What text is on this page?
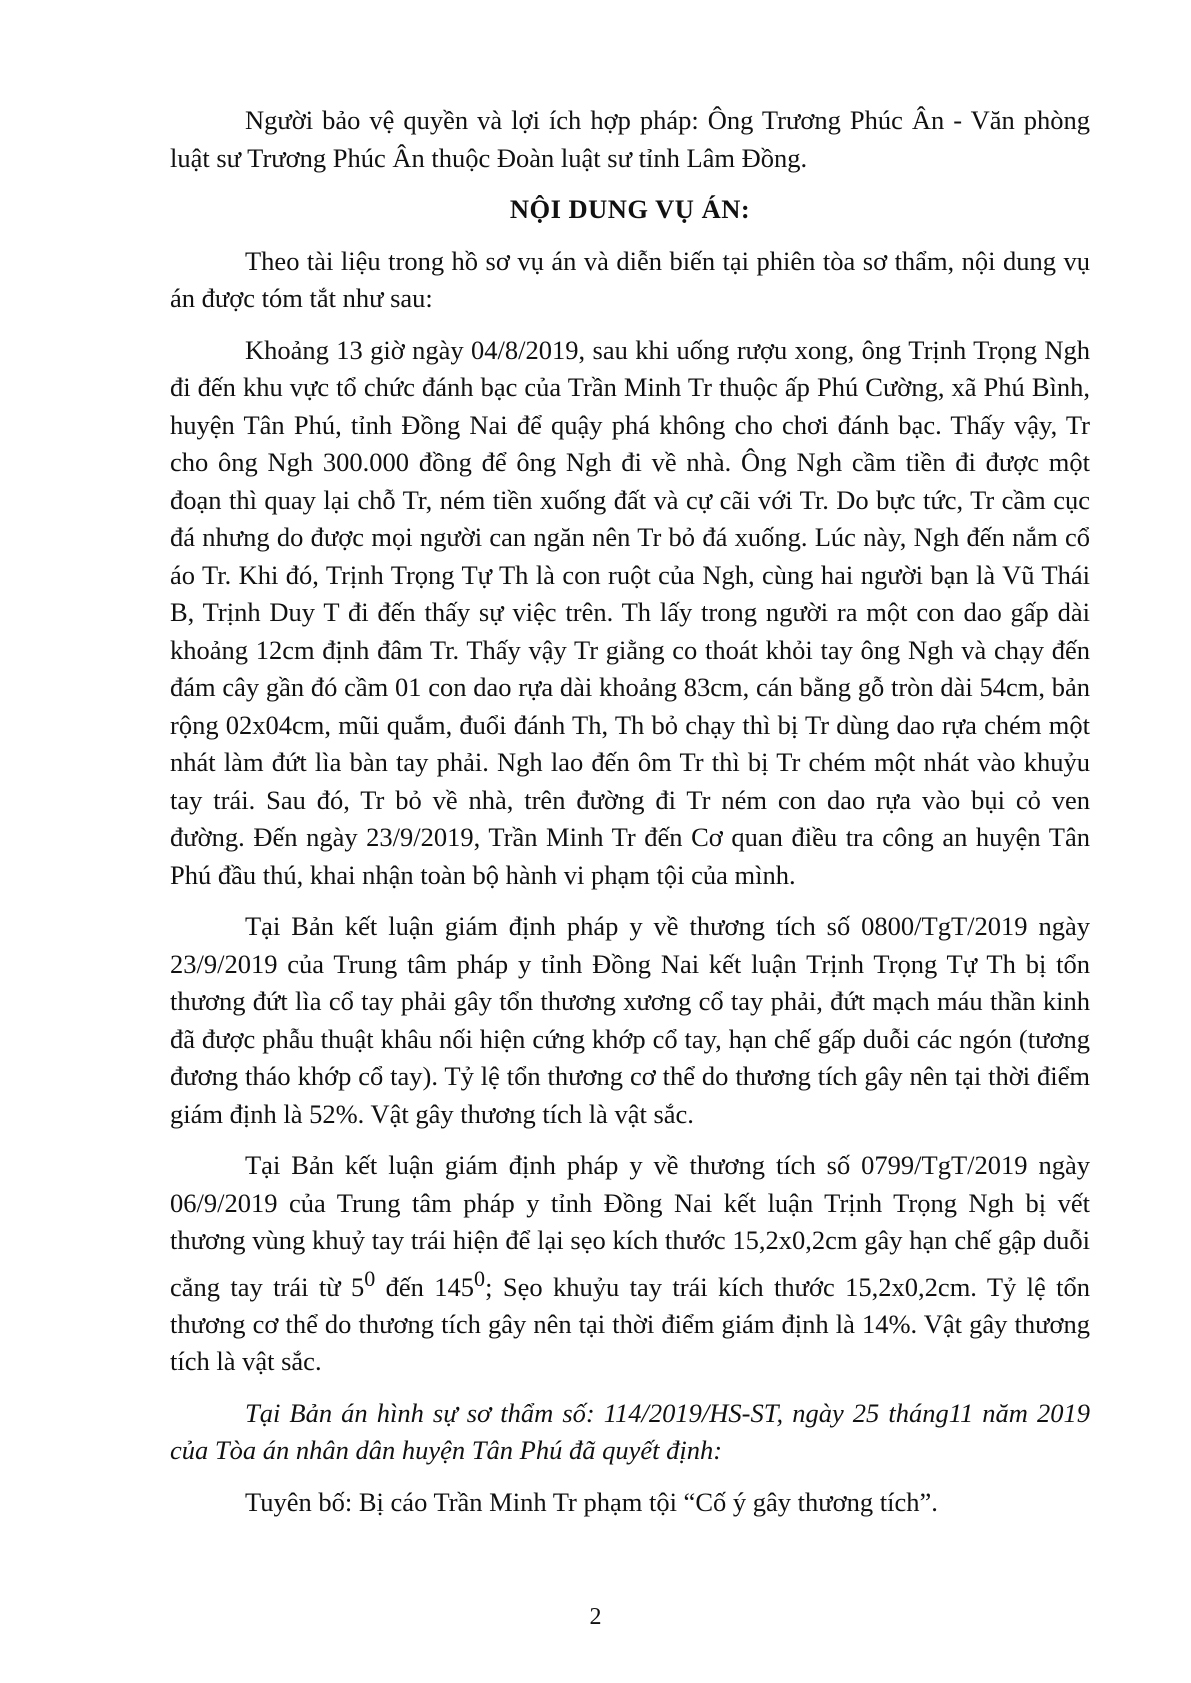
Người bảo vệ quyền và lợi ích hợp pháp: Ông Trương Phúc Ân - Văn phòng luật sư Trương Phúc Ân thuộc Đoàn luật sư tỉnh Lâm Đồng.

NỘI DUNG VỤ ÁN:

Theo tài liệu trong hồ sơ vụ án và diễn biến tại phiên tòa sơ thẩm, nội dung vụ án được tóm tắt như sau:

Khoảng 13 giờ ngày 04/8/2019, sau khi uống rượu xong, ông Trịnh Trọng Ngh đi đến khu vực tổ chức đánh bạc của Trần Minh Tr thuộc ấp Phú Cường, xã Phú Bình, huyện Tân Phú, tỉnh Đồng Nai để quậy phá không cho chơi đánh bạc. Thấy vậy, Tr cho ông Ngh 300.000 đồng để ông Ngh đi về nhà. Ông Ngh cầm tiền đi được một đoạn thì quay lại chỗ Tr, ném tiền xuống đất và cự cãi với Tr. Do bực tức, Tr cầm cục đá nhưng do được mọi người can ngăn nên Tr bỏ đá xuống. Lúc này, Ngh đến nắm cổ áo Tr. Khi đó, Trịnh Trọng Tự Th là con ruột của Ngh, cùng hai người bạn là Vũ Thái B, Trịnh Duy T đi đến thấy sự việc trên. Th lấy trong người ra một con dao gấp dài khoảng 12cm định đâm Tr. Thấy vậy Tr giằng co thoát khỏi tay ông Ngh và chạy đến đám cây gần đó cầm 01 con dao rựa dài khoảng 83cm, cán bằng gỗ tròn dài 54cm, bản rộng 02x04cm, mũi quắm, đuổi đánh Th, Th bỏ chạy thì bị Tr dùng dao rựa chém một nhát làm đứt lìa bàn tay phải. Ngh lao đến ôm Tr thì bị Tr chém một nhát vào khuỷu tay trái. Sau đó, Tr bỏ về nhà, trên đường đi Tr ném con dao rựa vào bụi cỏ ven đường. Đến ngày 23/9/2019, Trần Minh Tr đến Cơ quan điều tra công an huyện Tân Phú đầu thú, khai nhận toàn bộ hành vi phạm tội của mình.

Tại Bản kết luận giám định pháp y về thương tích số 0800/TgT/2019 ngày 23/9/2019 của Trung tâm pháp y tỉnh Đồng Nai kết luận Trịnh Trọng Tự Th bị tổn thương đứt lìa cổ tay phải gây tổn thương xương cổ tay phải, đứt mạch máu thần kinh đã được phẫu thuật khâu nối hiện cứng khớp cổ tay, hạn chế gấp duỗi các ngón (tương đương tháo khớp cổ tay). Tỷ lệ tổn thương cơ thể do thương tích gây nên tại thời điểm giám định là 52%. Vật gây thương tích là vật sắc.

Tại Bản kết luận giám định pháp y về thương tích số 0799/TgT/2019 ngày 06/9/2019 của Trung tâm pháp y tỉnh Đồng Nai kết luận Trịnh Trọng Ngh bị vết thương vùng khuỷ tay trái hiện để lại sẹo kích thước 15,2x0,2cm gây hạn chế gập duỗi cẳng tay trái từ $5^0$ đến $145^0$; Sẹo khuỷu tay trái kích thước 15,2x0,2cm. Tỷ lệ tổn thương cơ thể do thương tích gây nên tại thời điểm giám định là 14%. Vật gây thương tích là vật sắc.

Tại Bản án hình sự sơ thẩm số: 114/2019/HS-ST, ngày 25 tháng11 năm 2019 của Tòa án nhân dân huyện Tân Phú đã quyết định:

Tuyên bố: Bị cáo Trần Minh Tr phạm tội “Cố ý gây thương tích”.

2
